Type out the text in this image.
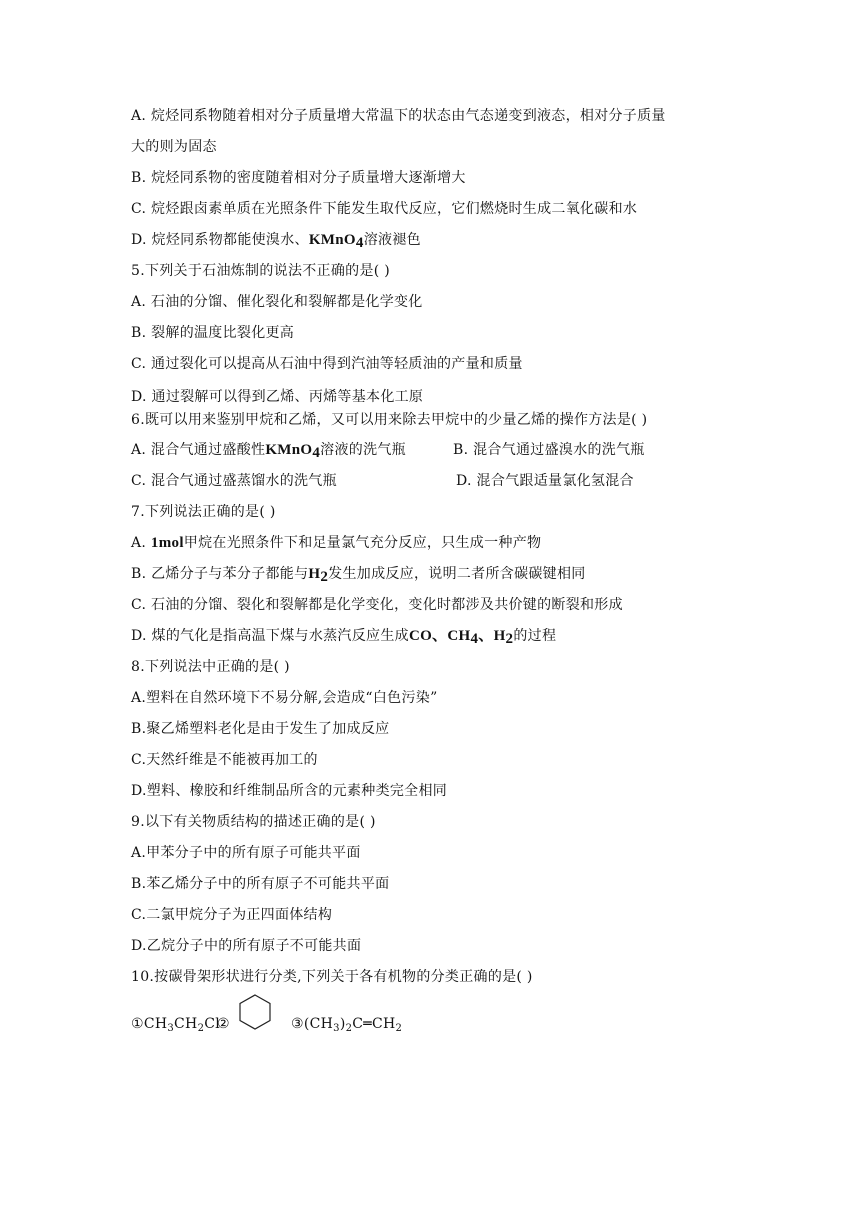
A. 烷烃同系物随着相对分子质量增大常温下的状态由气态递变到液态，相对分子质量
大的则为固态
B. 烷烃同系物的密度随着相对分子质量增大逐渐增大
C. 烷烃跟卤素单质在光照条件下能发生取代反应，它们燃烧时生成二氧化碳和水
D. 烷烃同系物都能使溴水、KMnO$_4$溶液褪色
5.下列关于石油炼制的说法不正确的是( )
A. 石油的分馏、催化裂化和裂解都是化学变化
B. 裂解的温度比裂化更高
C. 通过裂化可以提高从石油中得到汽油等轻质油的产量和质量
D. 通过裂解可以得到乙烯、丙烯等基本化工原
6.既可以用来鉴别甲烷和乙烯，又可以用来除去甲烷中的少量乙烯的操作方法是( )
A. 混合气通过盛酸性KMnO$_4$溶液的洗气瓶	B. 混合气通过盛溴水的洗气瓶
C. 混合气通过盛蒸馏水的洗气瓶	D. 混合气跟适量氯化氢混合
7.下列说法正确的是( )
A. 1mol甲烷在光照条件下和足量氯气充分反应，只生成一种产物
B. 乙烯分子与苯分子都能与$H_2$发生加成反应，说明二者所含碳碳键相同
C. 石油的分馏、裂化和裂解都是化学变化，变化时都涉及共价键的断裂和形成
D. 煤的气化是指高温下煤与水蒸汽反应生成CO、$CH_4$、$H_2$的过程
8.下列说法中正确的是( )
A.塑料在自然环境下不易分解,会造成“白色污染”
B.聚乙烯塑料老化是由于发生了加成反应
C.天然纤维是不能被再加工的
D.塑料、橡胶和纤维制品所含的元素种类完全相同
9.以下有关物质结构的描述正确的是( )
A.甲苯分子中的所有原子可能共平面
B.苯乙烯分子中的所有原子不可能共平面
C.二氯甲烷分子为正四面体结构
D.乙烷分子中的所有原子不可能共面
10.按碳骨架形状进行分类,下列关于各有机物的分类正确的是( )
$①CH_3CH_2Cl$
②	$③(CH_3)_2C═CH_2$
